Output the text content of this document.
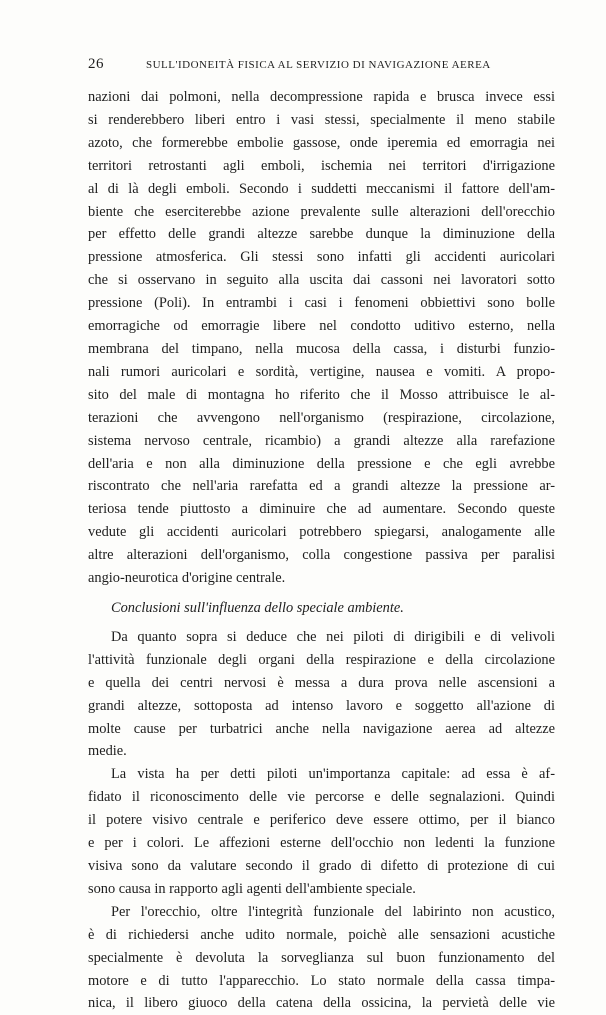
26	SULL'IDONEITÀ FISICA AL SERVIZIO DI NAVIGAZIONE AEREA
nazioni dai polmoni, nella decompressione rapida e brusca invece essi
si renderebbero liberi entro i vasi stessi, specialmente il meno stabile
azoto, che formerebbe embolie gassose, onde iperemia ed emorragia nei
territori retrostanti agli emboli, ischemia nei territori d'irrigazione
al di là degli emboli. Secondo i suddetti meccanismi il fattore dell'am-
biente che eserciterebbe azione prevalente sulle alterazioni dell'orecchio
per effetto delle grandi altezze sarebbe dunque la diminuzione della
pressione atmosferica. Gli stessi sono infatti gli accidenti auricolari
che si osservano in seguito alla uscita dai cassoni nei lavoratori sotto
pressione (Poli). In entrambi i casi i fenomeni obbiettivi sono bolle
emorragiche od emorragie libere nel condotto uditivo esterno, nella
membrana del timpano, nella mucosa della cassa, i disturbi funzio-
nali rumori auricolari e sordità, vertigine, nausea e vomiti. A propo-
sito del male di montagna ho riferito che il Mosso attribuisce le al-
terazioni che avvengono nell'organismo (respirazione, circolazione,
sistema nervoso centrale, ricambio) a grandi altezze alla rarefazione
dell'aria e non alla diminuzione della pressione e che egli avrebbe
riscontrato che nell'aria rarefatta ed a grandi altezze la pressione ar-
teriosa tende piuttosto a diminuire che ad aumentare. Secondo queste
vedute gli accidenti auricolari potrebbero spiegarsi, analogamente alle
altre alterazioni dell'organismo, colla congestione passiva per paralisi
angio-neurotica d'origine centrale.
Conclusioni sull'influenza dello speciale ambiente.
Da quanto sopra si deduce che nei piloti di dirigibili e di velivoli
l'attività funzionale degli organi della respirazione e della circolazione
e quella dei centri nervosi è messa a dura prova nelle ascensioni a
grandi altezze, sottoposta ad intenso lavoro e soggetto all'azione di
molte cause per turbatrici anche nella navigazione aerea ad altezze
medie.
La vista ha per detti piloti un'importanza capitale: ad essa è af-
fidato il riconoscimento delle vie percorse e delle segnalazioni. Quindi
il potere visivo centrale e periferico deve essere ottimo, per il bianco
e per i colori. Le affezioni esterne dell'occhio non ledenti la funzione
visiva sono da valutare secondo il grado di difetto di protezione di cui
sono causa in rapporto agli agenti dell'ambiente speciale.
Per l'orecchio, oltre l'integrità funzionale del labirinto non acustico,
è di richiedersi anche udito normale, poichè alle sensazioni acustiche
specialmente è devoluta la sorveglianza sul buon funzionamento del
motore e di tutto l'apparecchio. Lo stato normale della cassa timpa-
nica, il libero giuoco della catena della ossicina, la pervietà delle vie
